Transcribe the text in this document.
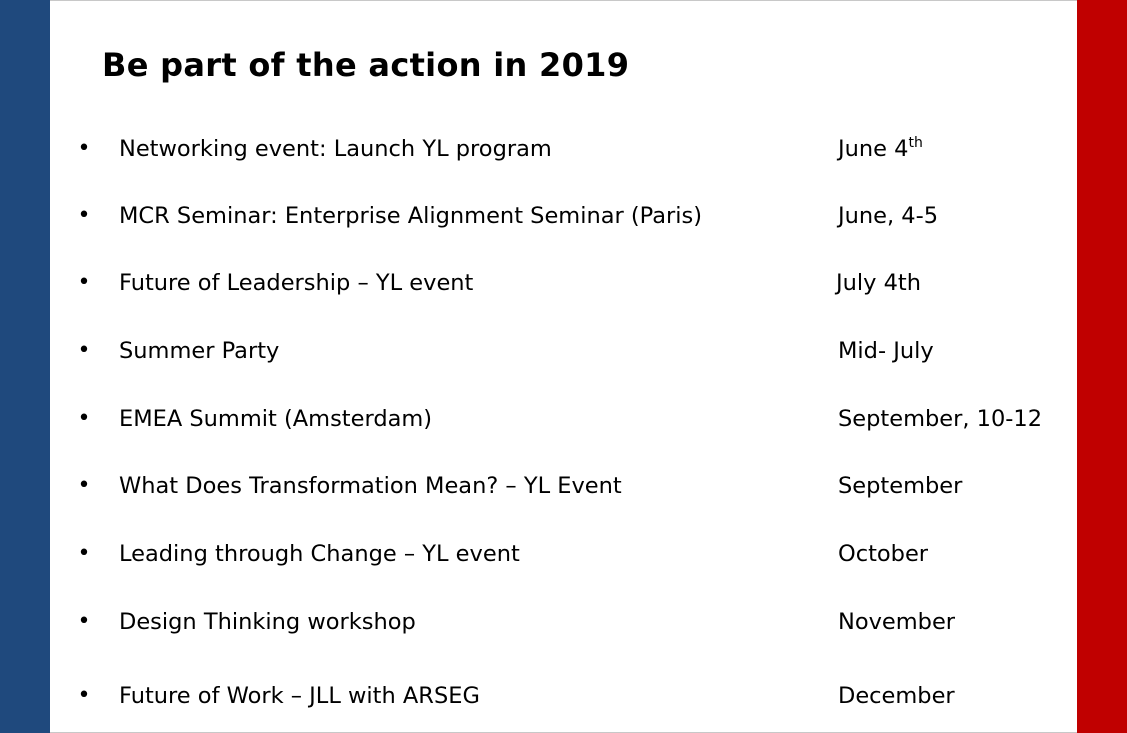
Be part of the action in 2019
• Networking event: Launch YL program	June 4th
• MCR Seminar: Enterprise Alignment Seminar (Paris)	June, 4-5
• Future of Leadership – YL event	July 4th
• Summer Party	Mid- July
• EMEA Summit (Amsterdam)	September, 10-12
• What Does Transformation Mean? – YL Event	September
• Leading through Change – YL event	October
• Design Thinking workshop	November
• Future of Work – JLL with ARSEG	December
